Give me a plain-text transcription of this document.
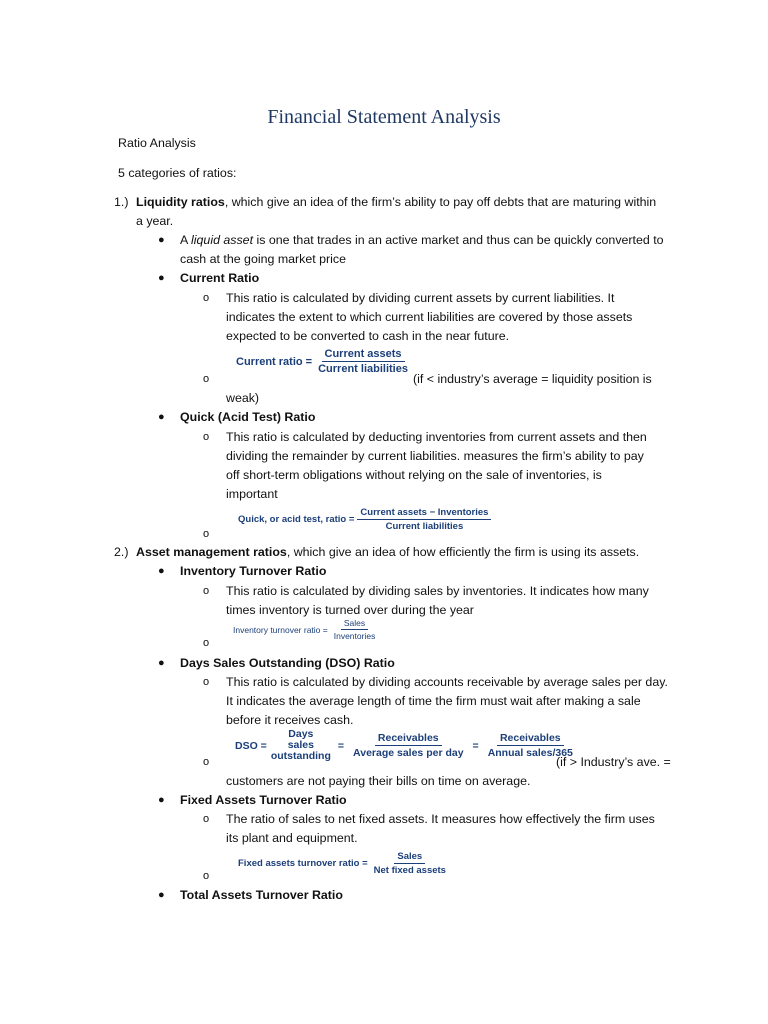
Financial Statement Analysis
Ratio Analysis
5 categories of ratios:
1.) Liquidity ratios, which give an idea of the firm’s ability to pay off debts that are maturing within
a year.
● A liquid asset is one that trades in an active market and thus can be quickly converted to
cash at the going market price
● Current Ratio
o This ratio is calculated by dividing current assets by current liabilities. It
indicates the extent to which current liabilities are covered by those assets
expected to be converted to cash in the near future.
Current ratio = $\frac{\text{Current assets}}{\text{Current liabilities}}$
o	(if < industry’s average = liquidity position is
weak)
● Quick (Acid Test) Ratio
o This ratio is calculated by deducting inventories from current assets and then
dividing the remainder by current liabilities. measures the firm’s ability to pay
off short-term obligations without relying on the sale of inventories, is
important
Quick, or acid test, ratio = $\frac{\text{Current assets − Inventories}}{\text{Current liabilities}}$
o
2.) Asset management ratios, which give an idea of how efficiently the firm is using its assets.
● Inventory Turnover Ratio
o This ratio is calculated by dividing sales by inventories. It indicates how many
times inventory is turned over during the year
Inventory turnover ratio = $\frac{\text{Sales}}{\text{Inventories}}$
o
● Days Sales Outstanding (DSO) Ratio
o This ratio is calculated by dividing accounts receivable by average sales per day.
It indicates the average length of time the firm must wait after making a sale
before it receives cash.
DSO =
Days
sales
outstanding
= $\frac{\text{Receivables}}{\text{Average sales per day}} = \frac{\text{Receivables}}{\text{Annual sales/365}}$
o	(if > Industry’s ave. =
customers are not paying their bills on time on average.
● Fixed Assets Turnover Ratio
o The ratio of sales to net fixed assets. It measures how effectively the firm uses
its plant and equipment.
Fixed assets turnover ratio = $\frac{\text{Sales}}{\text{Net fixed assets}}$
o
● Total Assets Turnover Ratio
